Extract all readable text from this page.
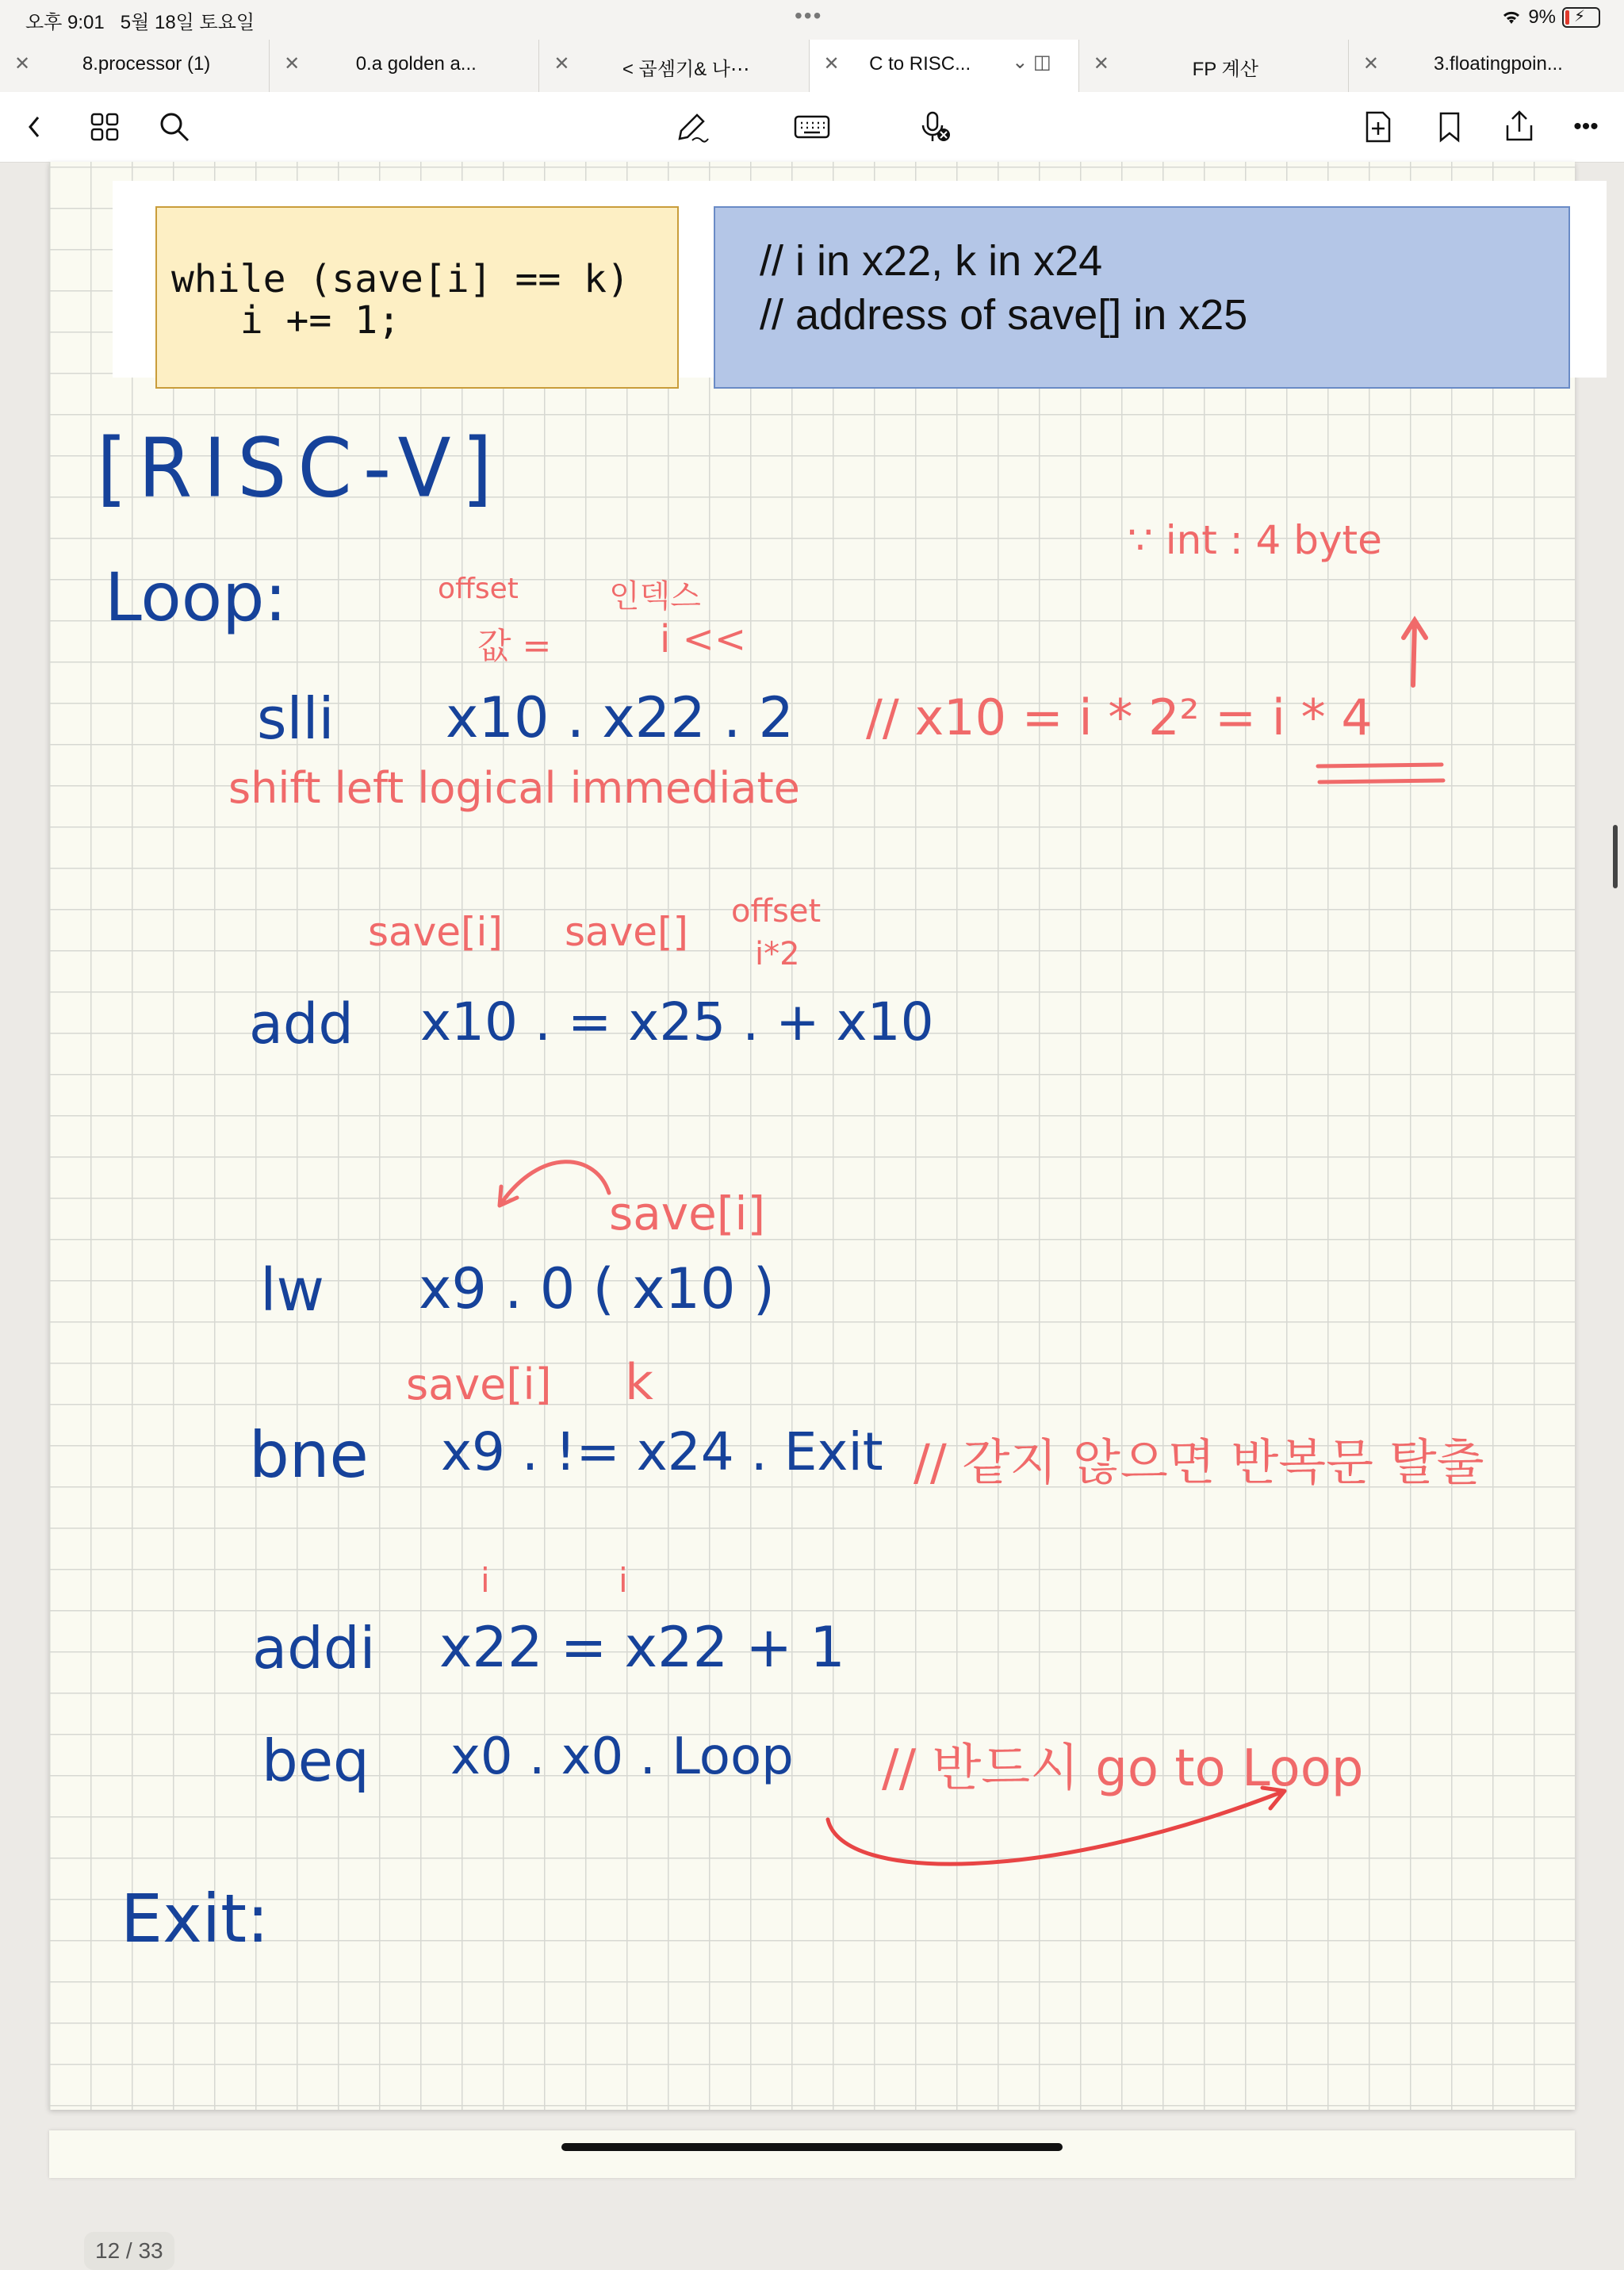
오후 9:01 5월 18일 토요일	•••	9% ⚡
✕	8.processor (1)	✕	0.a golden a...	✕	< 곱셈기& 나⋯	✕	C to RISC...	⌄ ◫ ✕	FP 계산	✕	3.floatingpoin...
•••
while (save[i] == k)
i += 1;
// i in x22, k in x24
// address of save[] in x25
[RISC-V]
∵ int : 4 byte
Loop:	offset	인덱스
값 =	i <<
slli x10 . x22 . 2 // x10 = i * 2² = i * 4
shift left logical immediate
save[i] save[] offset
i*2
add x10 . = x25 . + x10
save[i]
lw x9 . 0 ( x10 )
save[i] k
bne x9 . != x24 . Exit // 같지 않으면 반복문 탈출
i	i
addi x22 = x22 + 1
beq x0 . x0 . Loop // 반드시 go to Loop
Exit:
12 / 33
